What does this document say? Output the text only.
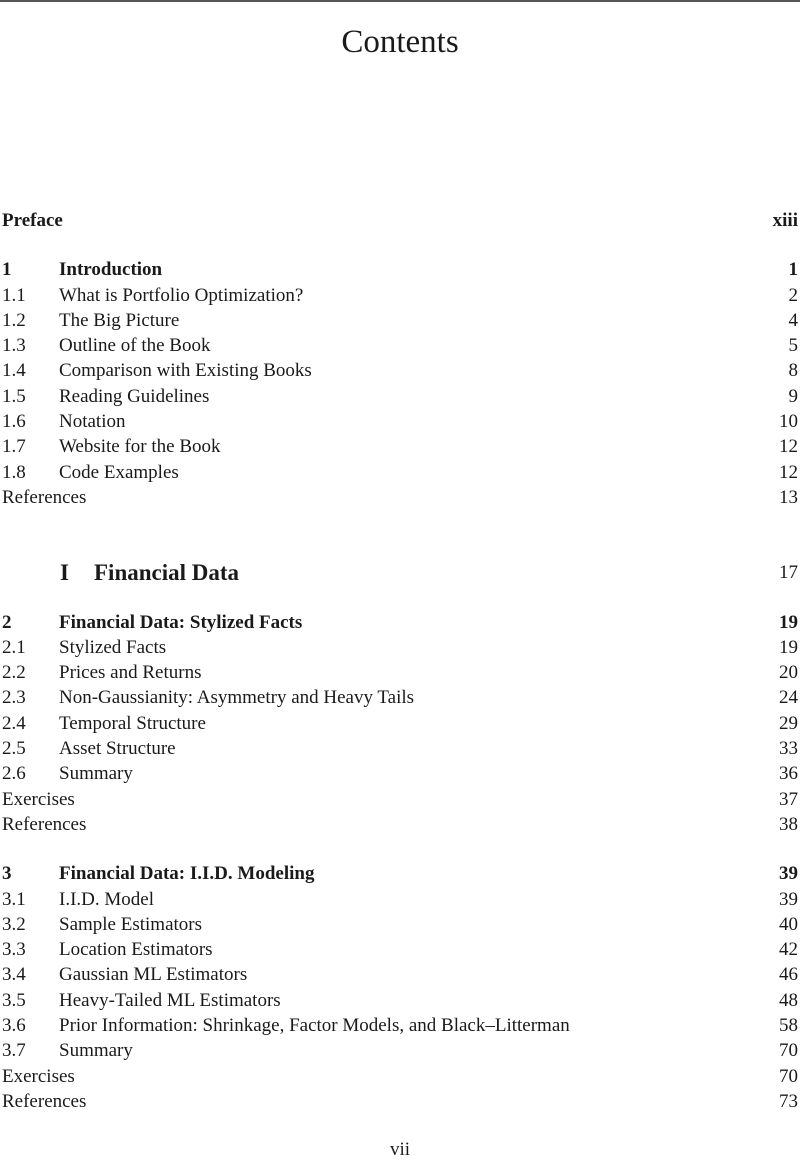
Contents
Preface	xiii
1	Introduction	1
1.1 What is Portfolio Optimization?	2
1.2 The Big Picture	4
1.3 Outline of the Book	5
1.4 Comparison with Existing Books	8
1.5 Reading Guidelines	9
1.6 Notation	10
1.7 Website for the Book	12
1.8 Code Examples	12
References	13
I Financial Data	17
2	Financial Data: Stylized Facts	19
2.1 Stylized Facts	19
2.2 Prices and Returns	20
2.3 Non-Gaussianity: Asymmetry and Heavy Tails	24
2.4 Temporal Structure	29
2.5 Asset Structure	33
2.6 Summary	36
Exercises	37
References	38
3	Financial Data: I.I.D. Modeling	39
3.1 I.I.D. Model	39
3.2 Sample Estimators	40
3.3 Location Estimators	42
3.4 Gaussian ML Estimators	46
3.5 Heavy-Tailed ML Estimators	48
3.6 Prior Information: Shrinkage, Factor Models, and Black–Litterman	58
3.7 Summary	70
Exercises	70
References	73
vii
